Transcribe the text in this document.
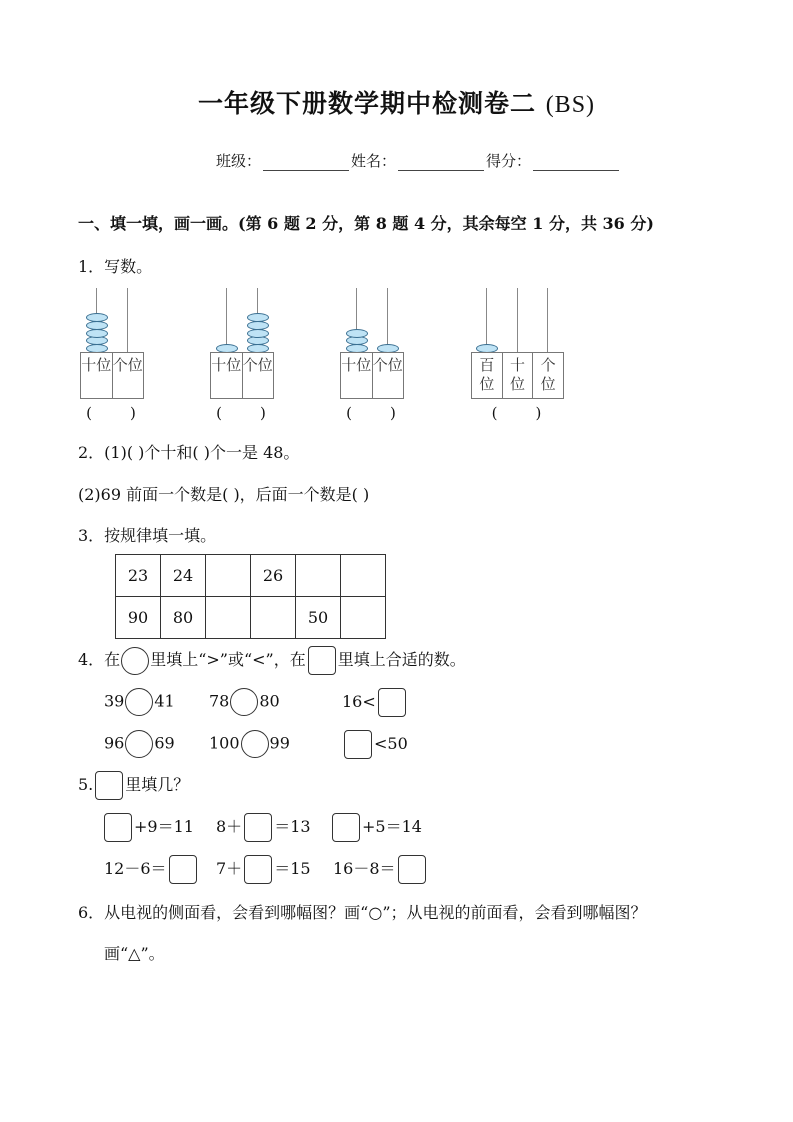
一年级下册数学期中检测卷二 (BS)
班级：	姓名：	得分：
一、填一填，画一画。(第 6 题 2 分，第 8 题 4 分，其余每空 1 分，共 36 分)
1．写数。
2．(1)( )个十和( )个一是 48。
(2)69 前面一个数是( )，后面一个数是( )
3．按规律填一填。
23	24		26		
90	80			50	
4．在 里填上“>”或“<”，在 里填上合适的数。
39 41 78 80	16<
96 69 100 99	<50
5. 里填几？
+9＝11 8＋ ＝13	+5＝14
12－6＝	7＋ ＝15 16－8＝
6．从电视的侧面看，会看到哪幅图？画“○”；从电视的前面看，会看到哪幅图？
画“△”。
十位 个位
(        )
十位 个位
(        )
十位 个位
(        )
百位
十位
个位
(        )
